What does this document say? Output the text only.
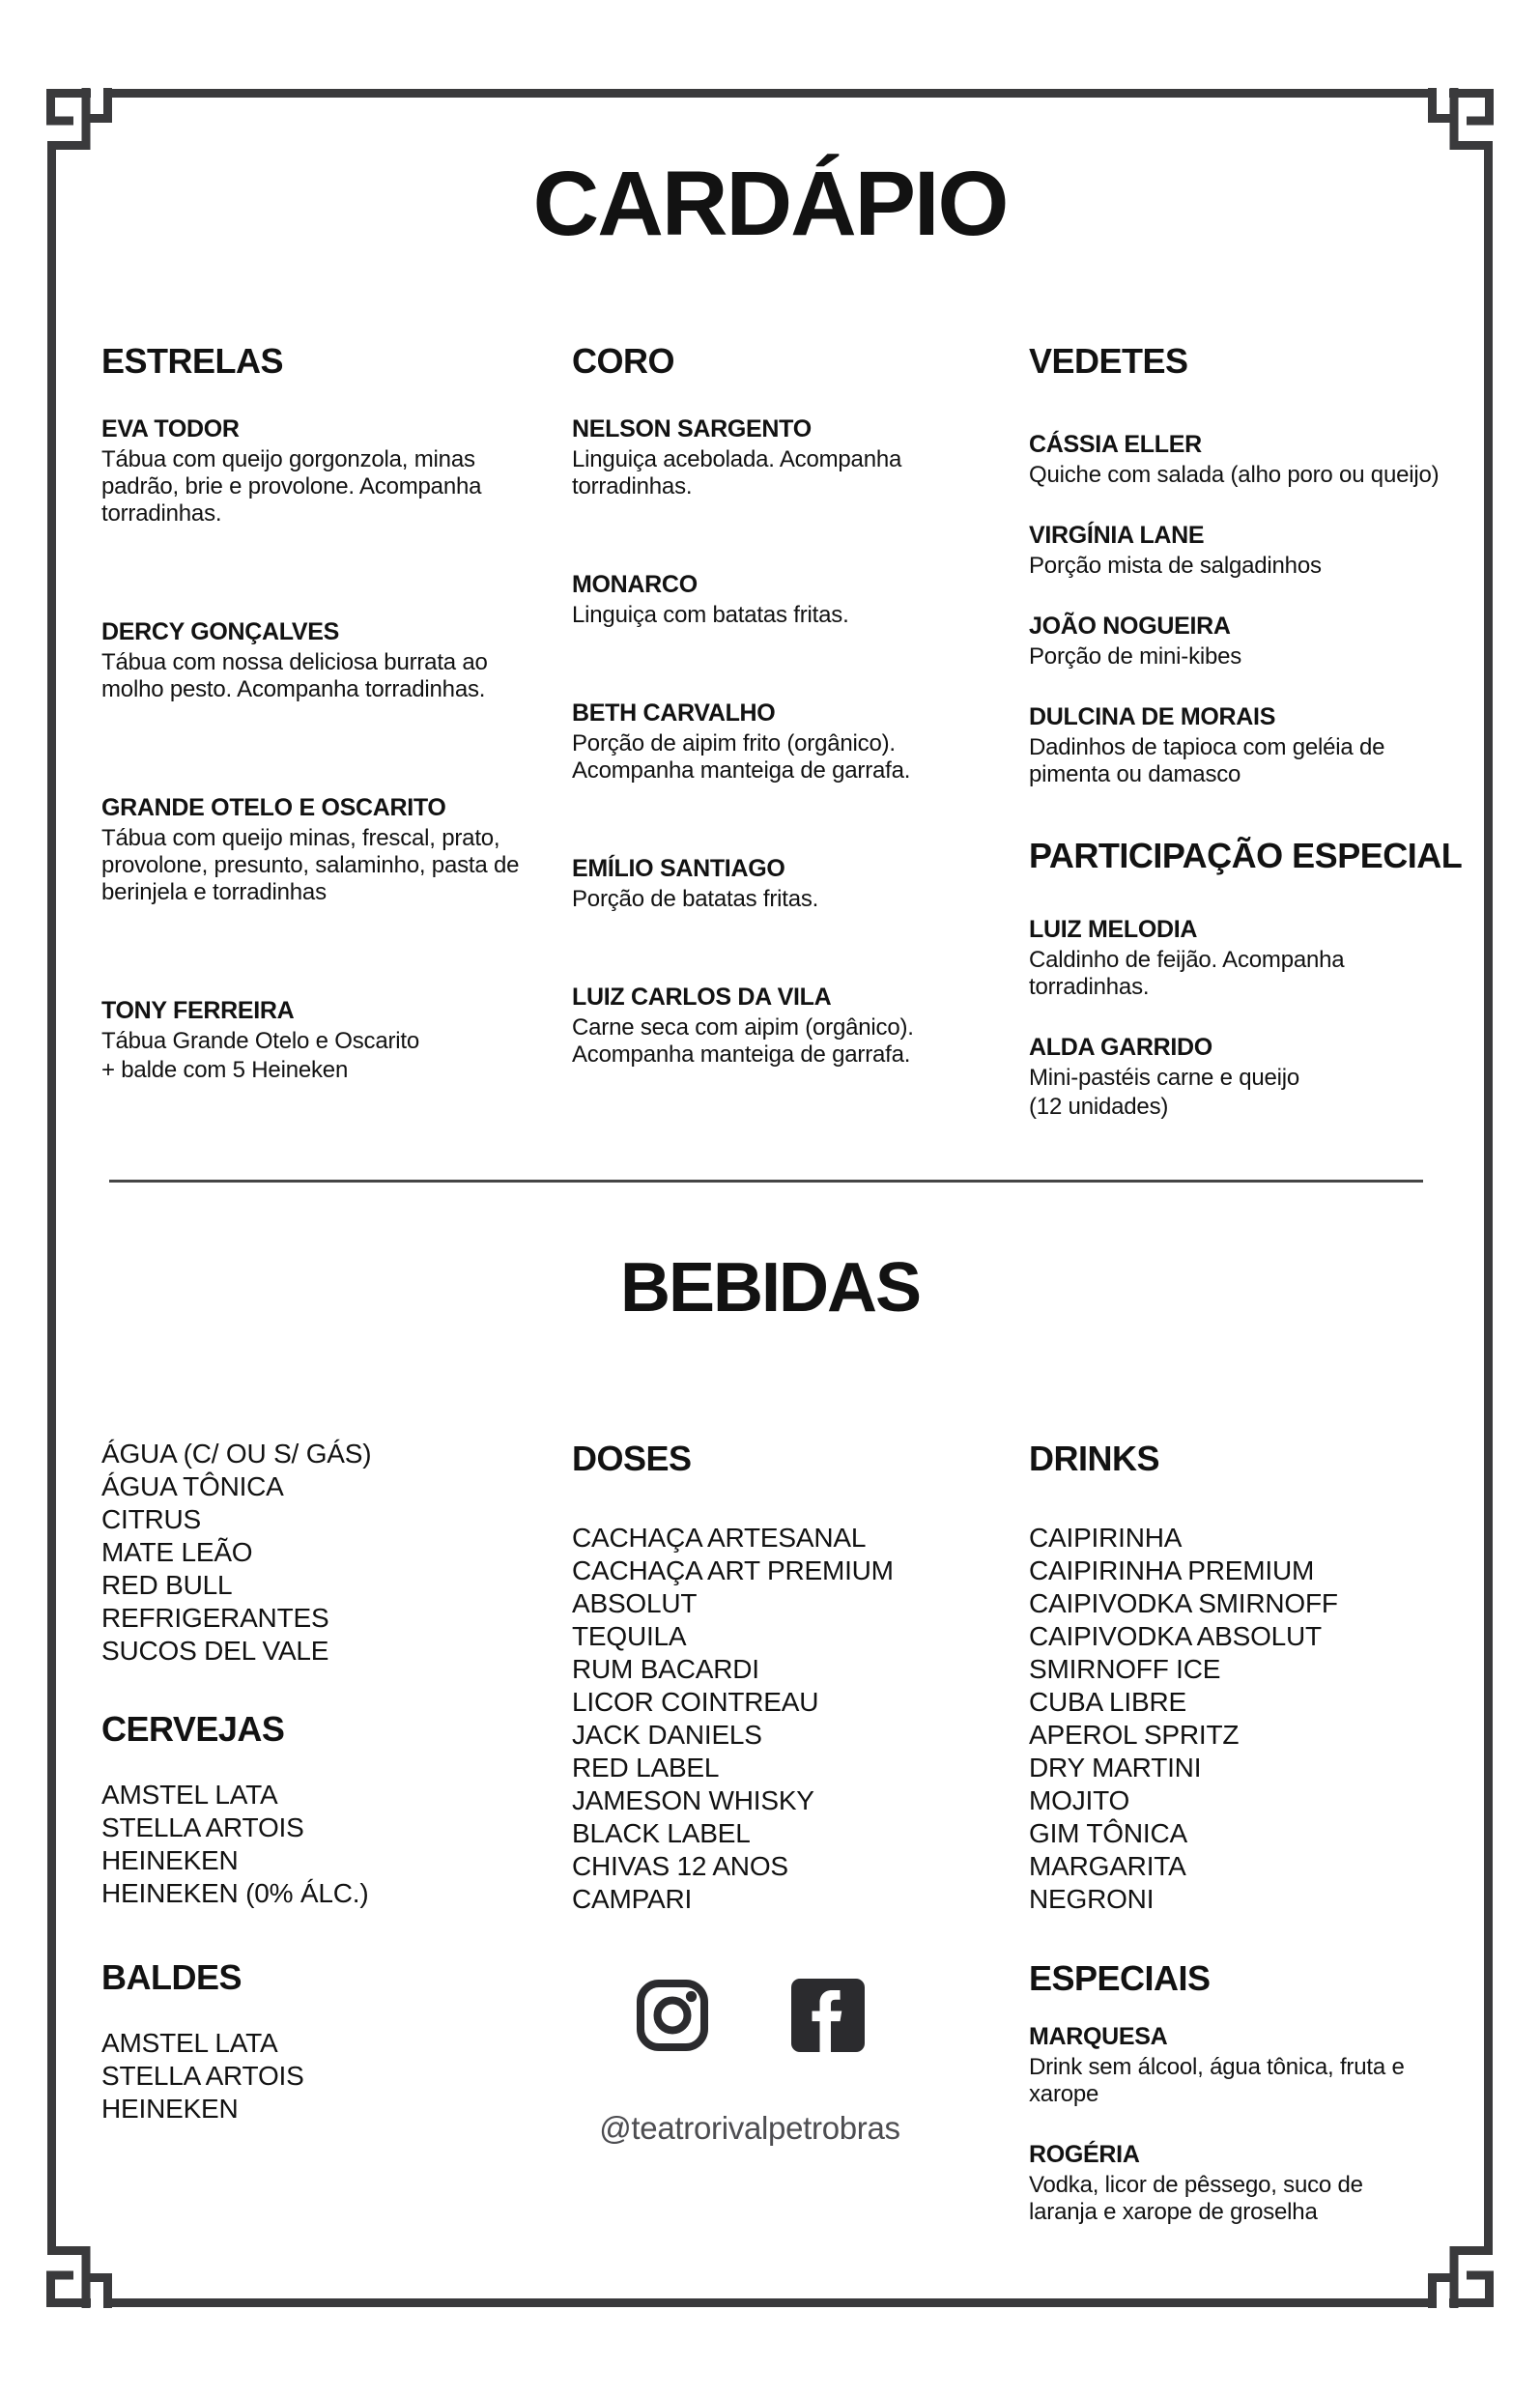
CARDÁPIO
ESTRELAS
EVA TODOR
Tábua com queijo gorgonzola, minas padrão, brie e provolone. Acompanha torradinhas.
DERCY GONÇALVES
Tábua com nossa deliciosa burrata ao molho pesto. Acompanha torradinhas.
GRANDE OTELO E OSCARITO
Tábua com queijo minas, frescal, prato, provolone, presunto, salaminho, pasta de berinjela e torradinhas
TONY FERREIRA
Tábua Grande Otelo e Oscarito
+ balde com 5 Heineken
CORO
NELSON SARGENTO
Linguiça acebolada. Acompanha torradinhas.
MONARCO
Linguiça com batatas fritas.
BETH CARVALHO
Porção de aipim frito (orgânico). Acompanha manteiga de garrafa.
EMÍLIO SANTIAGO
Porção de batatas fritas.
LUIZ CARLOS DA VILA
Carne seca com aipim (orgânico). Acompanha manteiga de garrafa.
VEDETES
CÁSSIA ELLER
Quiche com salada (alho poro ou queijo)
VIRGÍNIA LANE
Porção mista de salgadinhos
JOÃO NOGUEIRA
Porção de mini-kibes
DULCINA DE MORAIS
Dadinhos de tapioca com geléia de pimenta ou damasco
PARTICIPAÇÃO ESPECIAL
LUIZ MELODIA
Caldinho de feijão. Acompanha torradinhas.
ALDA GARRIDO
Mini-pastéis carne e queijo
(12 unidades)
BEBIDAS
ÁGUA (C/ OU S/ GÁS)
ÁGUA TÔNICA
CITRUS
MATE LEÃO
RED BULL
REFRIGERANTES
SUCOS DEL VALE
CERVEJAS
AMSTEL LATA
STELLA ARTOIS
HEINEKEN
HEINEKEN (0% ÁLC.)
BALDES
AMSTEL LATA
STELLA ARTOIS
HEINEKEN
DOSES
CACHAÇA ARTESANAL
CACHAÇA ART PREMIUM
ABSOLUT
TEQUILA
RUM BACARDI
LICOR COINTREAU
JACK DANIELS
RED LABEL
JAMESON WHISKY
BLACK LABEL
CHIVAS 12 ANOS
CAMPARI
DRINKS
CAIPIRINHA
CAIPIRINHA PREMIUM
CAIPIVODKA SMIRNOFF
CAIPIVODKA ABSOLUT
SMIRNOFF ICE
CUBA LIBRE
APEROL SPRITZ
DRY MARTINI
MOJITO
GIM TÔNICA
MARGARITA
NEGRONI
ESPECIAIS
MARQUESA
Drink sem álcool, água tônica, fruta e xarope
ROGÉRIA
Vodka, licor de pêssego, suco de laranja e xarope de groselha
@teatrorivalpetrobras
